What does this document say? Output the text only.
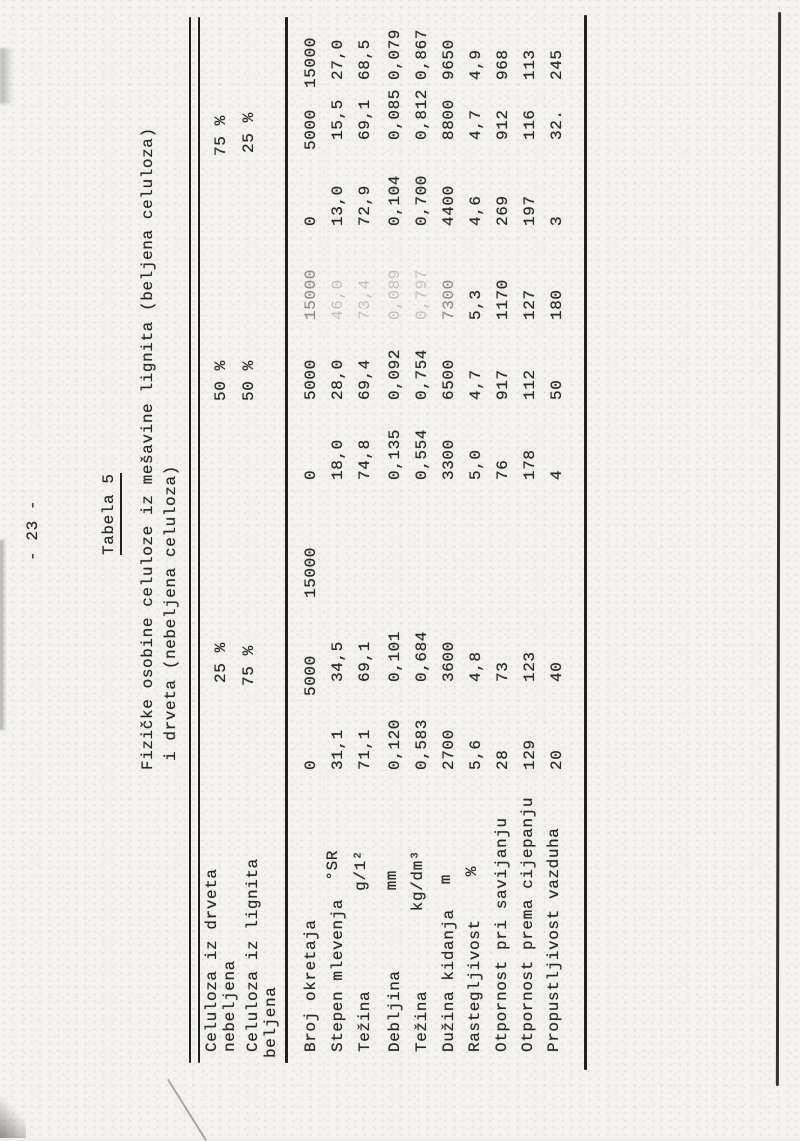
- 23 -	Tabela 5 Fizičke osobine celuloze iz mešavine lignita (beljena celuloza) i drveta (nebeljena celuloza)
Celuloza iz drveta nebeljena Celuloza iz lignita beljena
25 % 75 %
50 % 50 %
75 % 25 %
Broj okretaja Stepen mlevenja Težina Debljina Težina Dužina kidanja Rastegljivost Otpornost pri savijanju Otpornost prema cijepanju Propustljivost vazduha
°SR g/1² mm kg/dm³ m
%
0 31,1 71,1 0,120 0,583 2700 5,6 28 129 20
5000 34,5 69,1 0,101 0,684 3600 4,8 73 123 40
15000
0 18,0 74,8 0,135 0,554 3300 5,0 76 178 4
5000 28,0 69,4 0,092 0,754 6500 4,7 917 112 50
15000 46,0 73,4 0,089 0,797 7300 5,3 1170 127 180
0 13,0 72,9 0,104 0,700 4400 4,6 269 197 3
5000 15,5 69,1 0,085 0,812 8800 4,7 912 116 32.
15000 27,0 68,5 0,079 0,867 9650 4,9 968 113 245
